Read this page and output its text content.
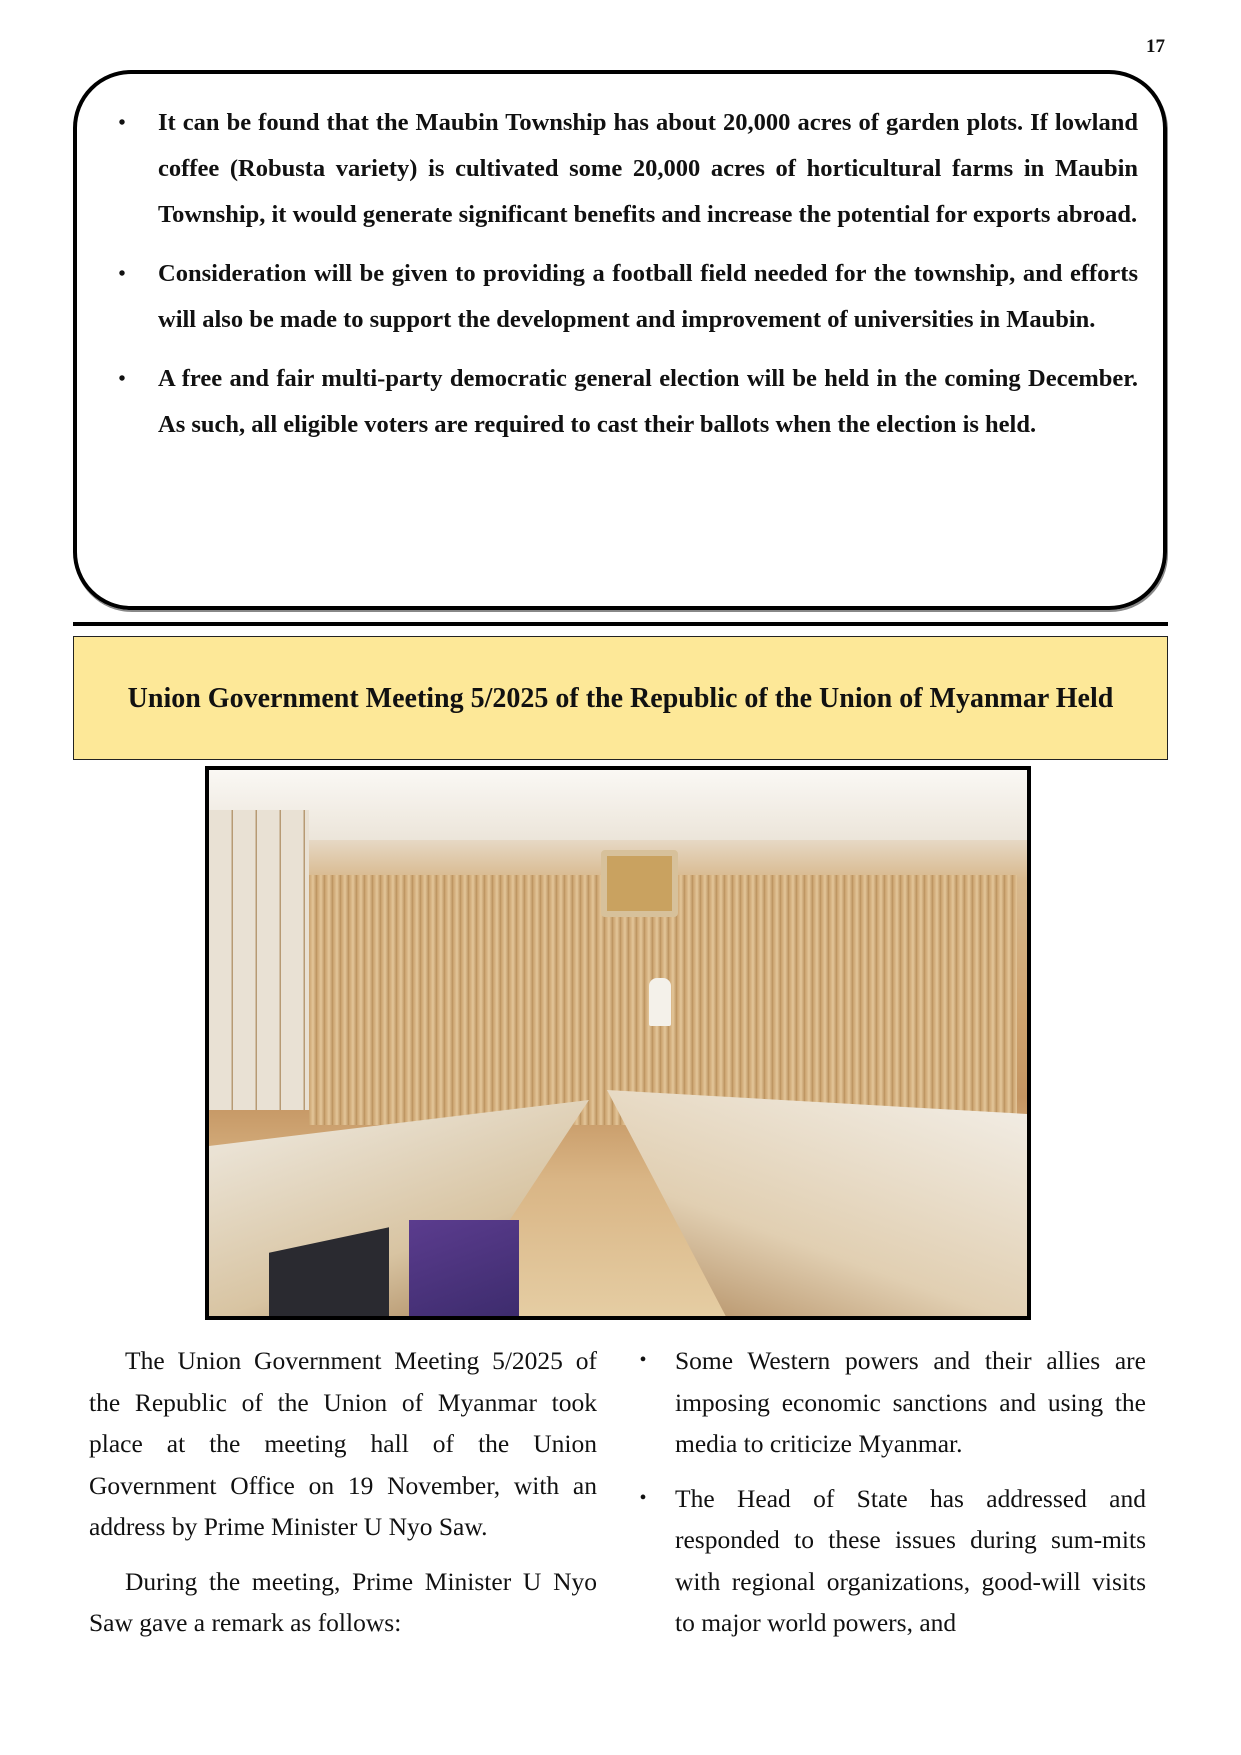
17
•	It can be found that the Maubin Township has about 20,000 acres of garden plots. If lowland coffee (Robusta variety) is cultivated some 20,000 acres of horticultural farms in Maubin Township, it would generate significant benefits and increase the potential for exports abroad.
•	Consideration will be given to providing a football field needed for the township, and efforts will also be made to support the development and improvement of universities in Maubin.
•	A free and fair multi-party democratic general election will be held in the coming December. As such, all eligible voters are required to cast their ballots when the election is held.
Union Government Meeting 5/2025 of the Republic of the Union of Myanmar Held

The Union Government Meeting 5/2025 of the Republic of the Union of Myanmar took place at the meeting hall of the Union Government Office on 19 November, with an address by Prime Minister U Nyo Saw.

During the meeting, Prime Minister U Nyo Saw gave a remark as follows:

• Some Western powers and their allies are imposing economic sanctions and using the media to criticize Myanmar.
• The Head of State has addressed and responded to these issues during sum-mits with regional organizations, good-will visits to major world powers, and
